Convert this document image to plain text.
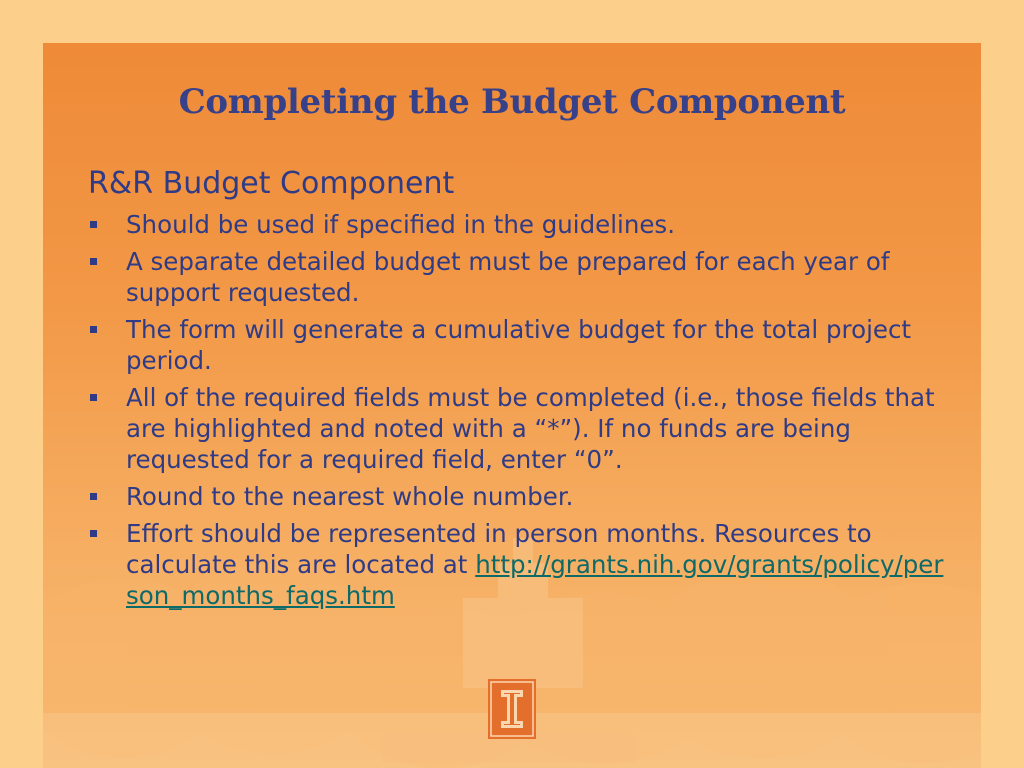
Completing the Budget Component
R&R Budget Component
Should be used if specified in the guidelines.
A separate detailed budget must be prepared for each year of support requested.
The form will generate a cumulative budget for the total project period.
All of the required fields must be completed (i.e., those fields that are highlighted and noted with a “*”). If no funds are being requested for a required field, enter “0”.
Round to the nearest whole number.
Effort should be represented in person months. Resources to calculate this are located at http://grants.nih.gov/grants/policy/person_months_faqs.htm
